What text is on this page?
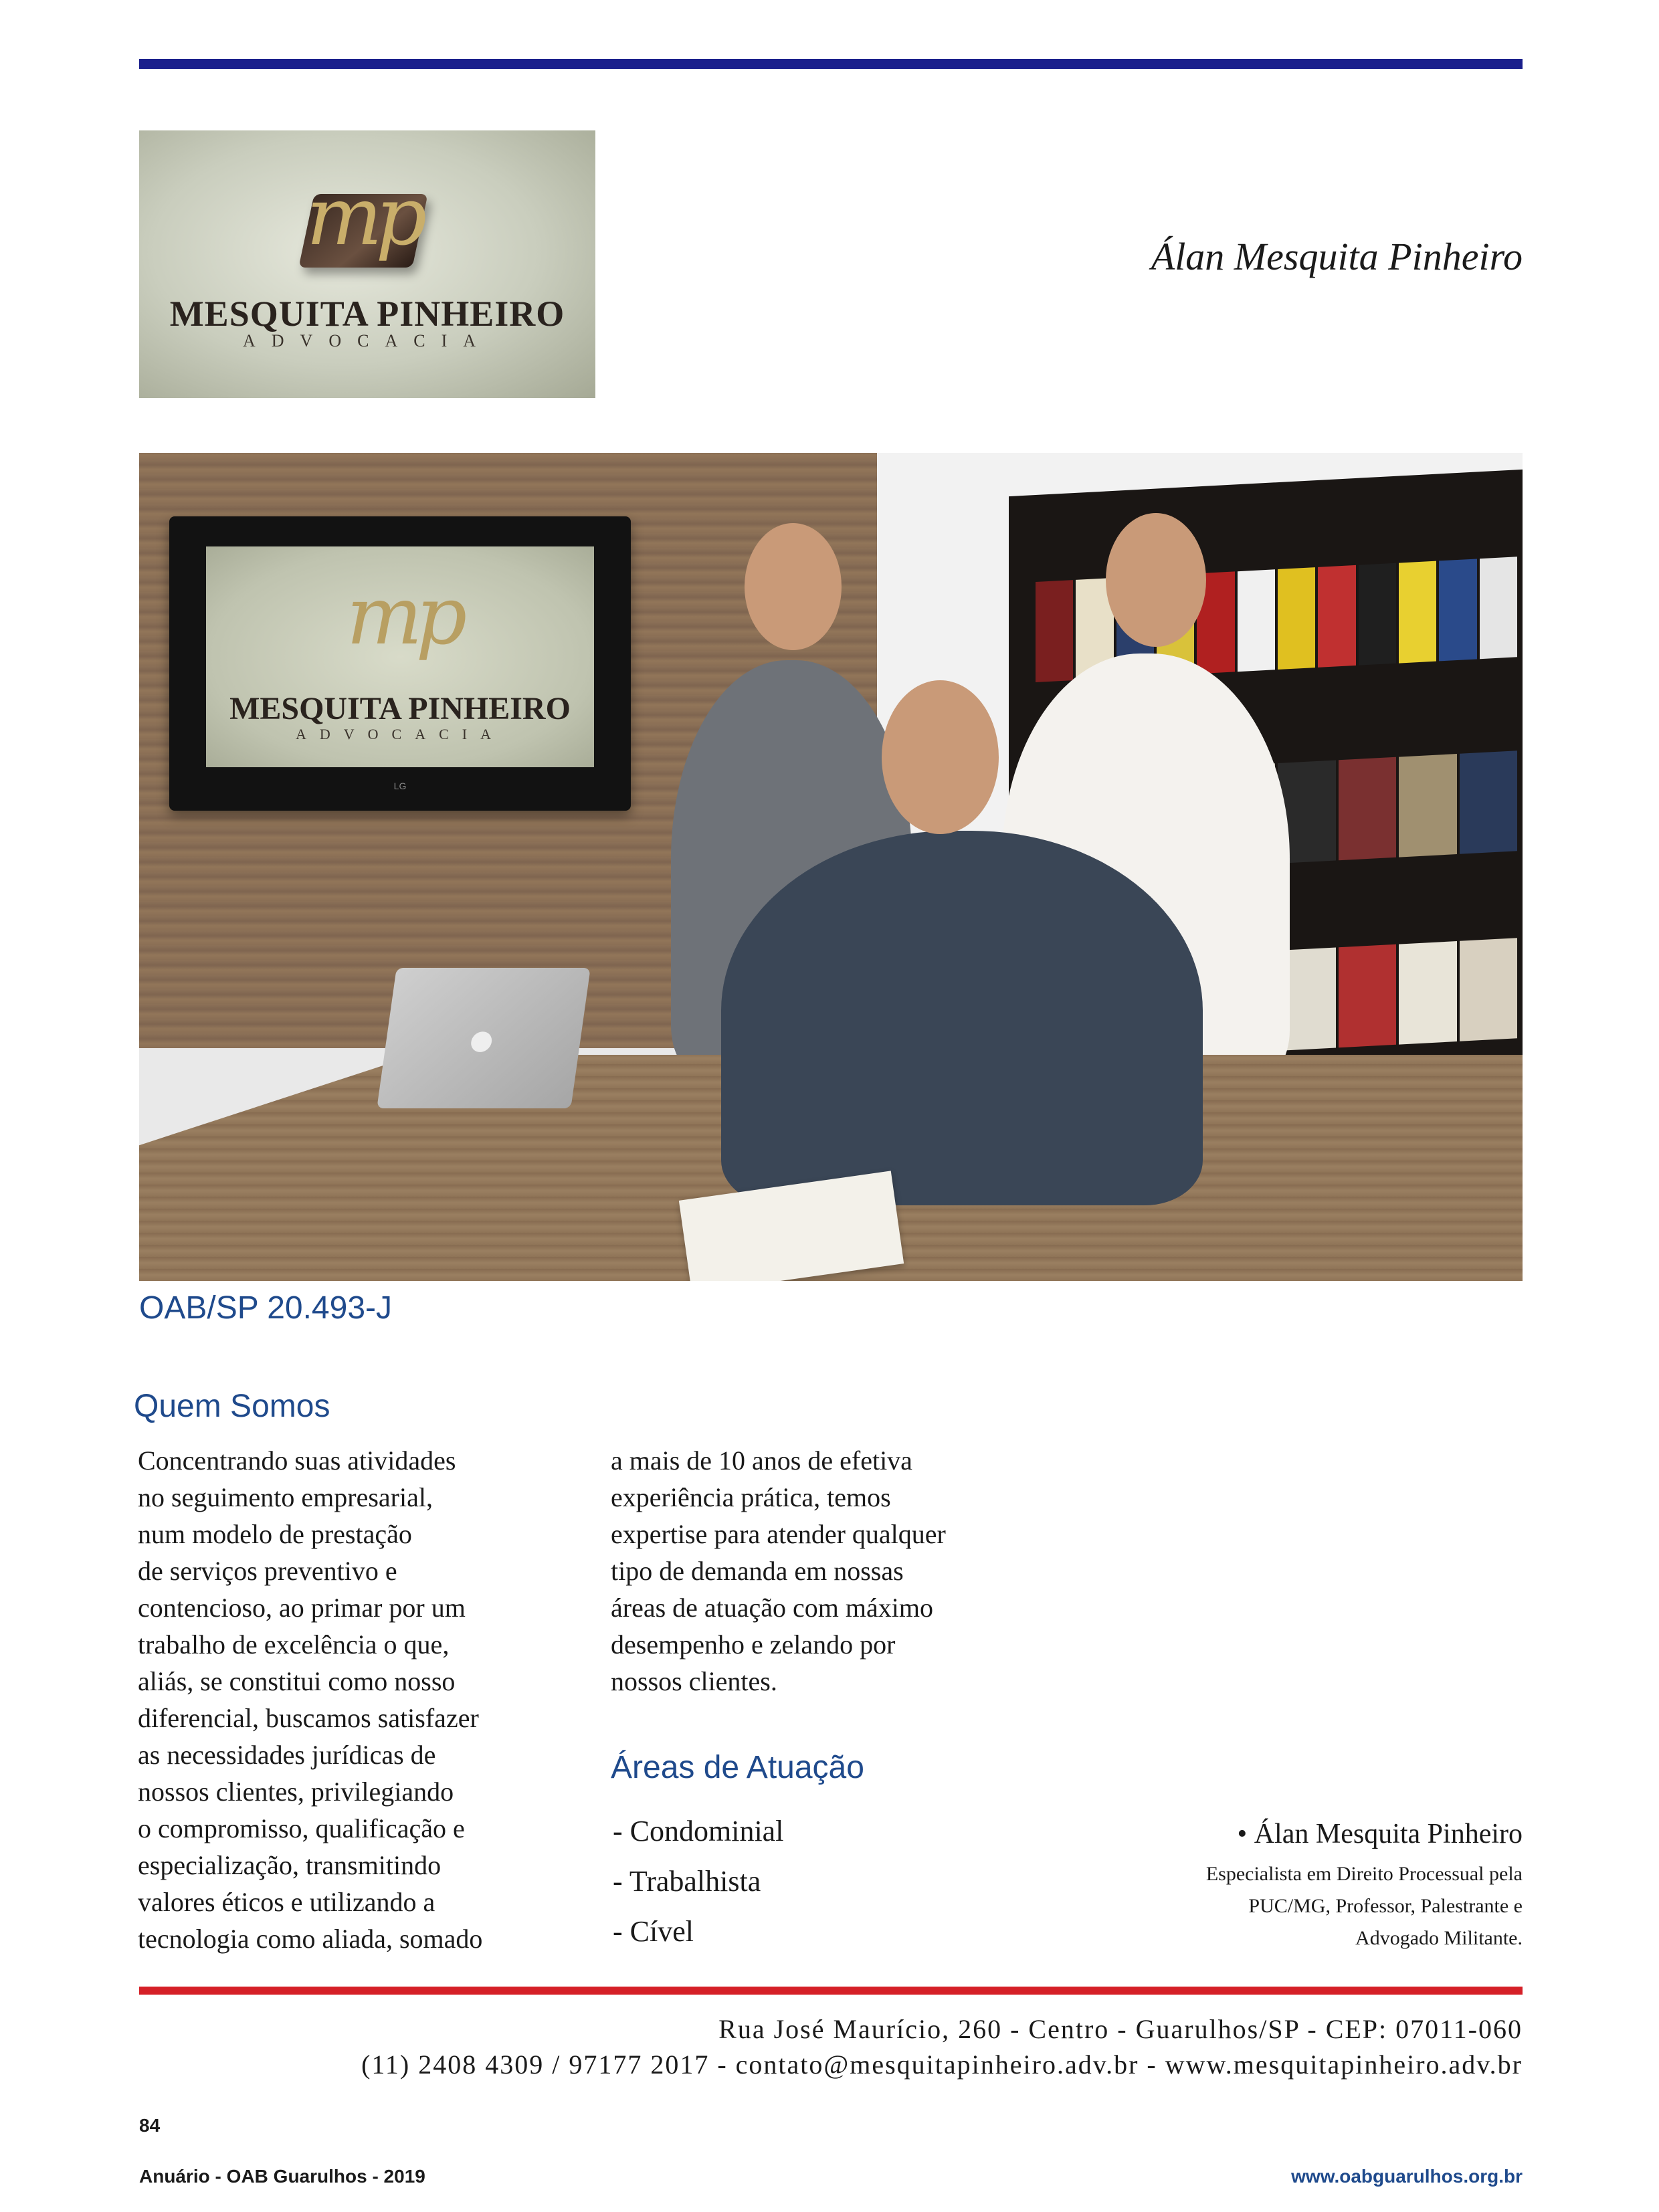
mp
MESQUITA PINHEIRO
ADVOCACIA
Álan Mesquita Pinheiro
mp
MESQUITA PINHEIRO
ADVOCACIA
LG
●
OAB/SP 20.493-J
Quem Somos
Concentrando suas atividades
no seguimento empresarial,
num modelo de prestação
de serviços preventivo e
contencioso, ao primar por um
trabalho de excelência o que,
aliás, se constitui como nosso
diferencial, buscamos satisfazer
as necessidades jurídicas de
nossos clientes, privilegiando
o compromisso, qualificação e
especialização, transmitindo
valores éticos e utilizando a
tecnologia como aliada, somado
a mais de 10 anos de efetiva
experiência prática, temos
expertise para atender qualquer
tipo de demanda em nossas
áreas de atuação com máximo
desempenho e zelando por
nossos clientes.
Áreas de Atuação
- Condominial
- Trabalhista
- Cível
• Álan Mesquita Pinheiro
Especialista em Direito Processual pela
PUC/MG, Professor, Palestrante e
Advogado Militante.
Rua José Maurício, 260 - Centro - Guarulhos/SP - CEP: 07011-060
(11) 2408 4309 / 97177 2017 - contato@mesquitapinheiro.adv.br - www.mesquitapinheiro.adv.br
84
Anuário - OAB Guarulhos - 2019	www.oabguarulhos.org.br
